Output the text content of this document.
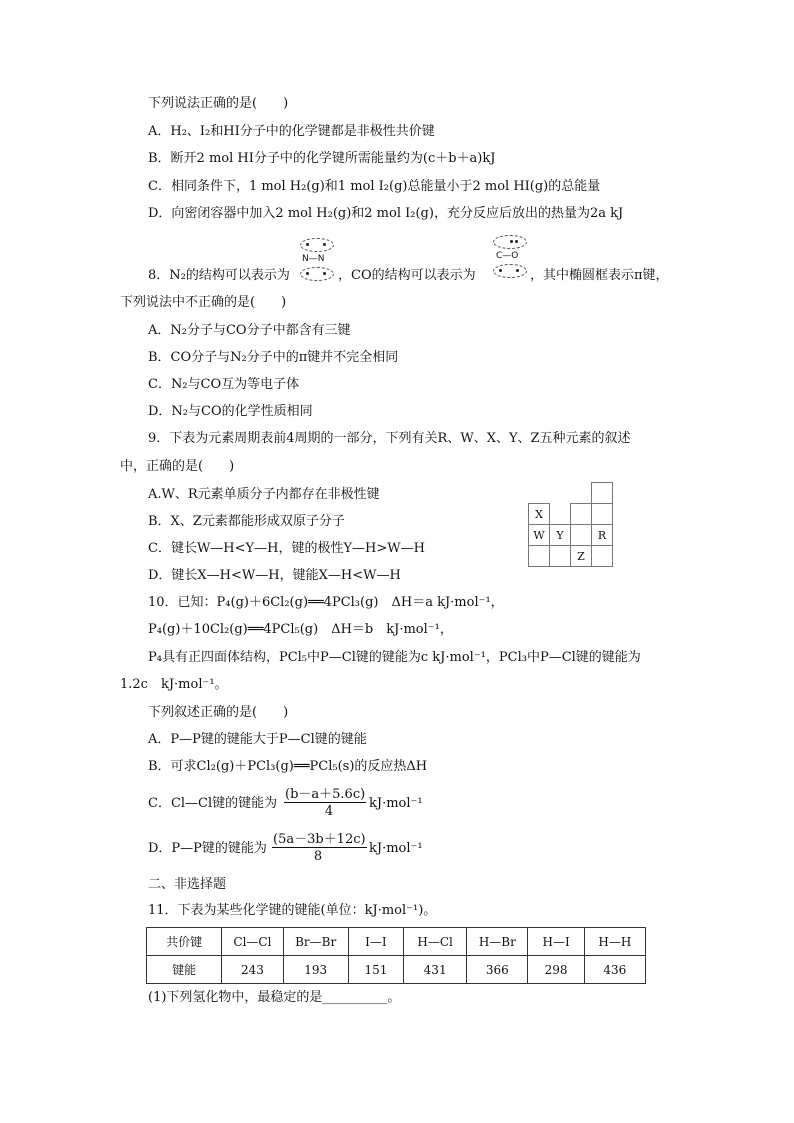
下列说法正确的是(　　)
A．H₂、I₂和HI分子中的化学键都是非极性共价键
B．断开2 mol HI分子中的化学键所需能量约为(c＋b＋a)kJ
C．相同条件下，1 mol H₂(g)和1 mol I₂(g)总能量小于2 mol HI(g)的总能量
D．向密闭容器中加入2 mol H₂(g)和2 mol I₂(g)，充分反应后放出的热量为2a kJ
8．N₂的结构可以表示为
N—N
，CO的结构可以表示为
C—O
，其中椭圆框表示π键，
下列说法中不正确的是(　　)
A．N₂分子与CO分子中都含有三键
B．CO分子与N₂分子中的π键并不完全相同
C．N₂与CO互为等电子体
D．N₂与CO的化学性质相同
9．下表为元素周期表前4周期的一部分，下列有关R、W、X、Y、Z五种元素的叙述
中，正确的是(　　)
A.W、R元素单质分子内都存在非极性键
B．X、Z元素都能形成双原子分子
C．键长W—H<Y—H，键的极性Y—H>W—H
D．键长X—H<W—H，键能X—H<W—H

X			
W	Y		R
		Z	
10．已知：P₄(g)＋6Cl₂(g)══4PCl₃(g)　ΔH＝a kJ·mol⁻¹，
P₄(g)＋10Cl₂(g)══4PCl₅(g)　ΔH＝b　kJ·mol⁻¹，
P₄具有正四面体结构，PCl₅中P—Cl键的键能为c kJ·mol⁻¹，PCl₃中P—Cl键的键能为
1.2c　kJ·mol⁻¹。
下列叙述正确的是(　　)
A．P—P键的键能大于P—Cl键的键能
B．可求Cl₂(g)＋PCl₃(g)══PCl₅(s)的反应热ΔH
C．Cl—Cl键的键能为 $\frac{(b-a+5.6c)}{4}$
kJ·mol⁻¹
D．P—P键的键能为 $\frac{(5a-3b+12c)}{8} kJ\cdot mol^{-1}$
二、非选择题
11．下表为某些化学键的键能(单位：kJ·mol⁻¹)。
共价键	Cl—Cl	Br—Br	I—I	H—Cl	H—Br	H—I	H—H
键能	243	193	151	431	366	298	436
(1)下列氢化物中，最稳定的是__________。
